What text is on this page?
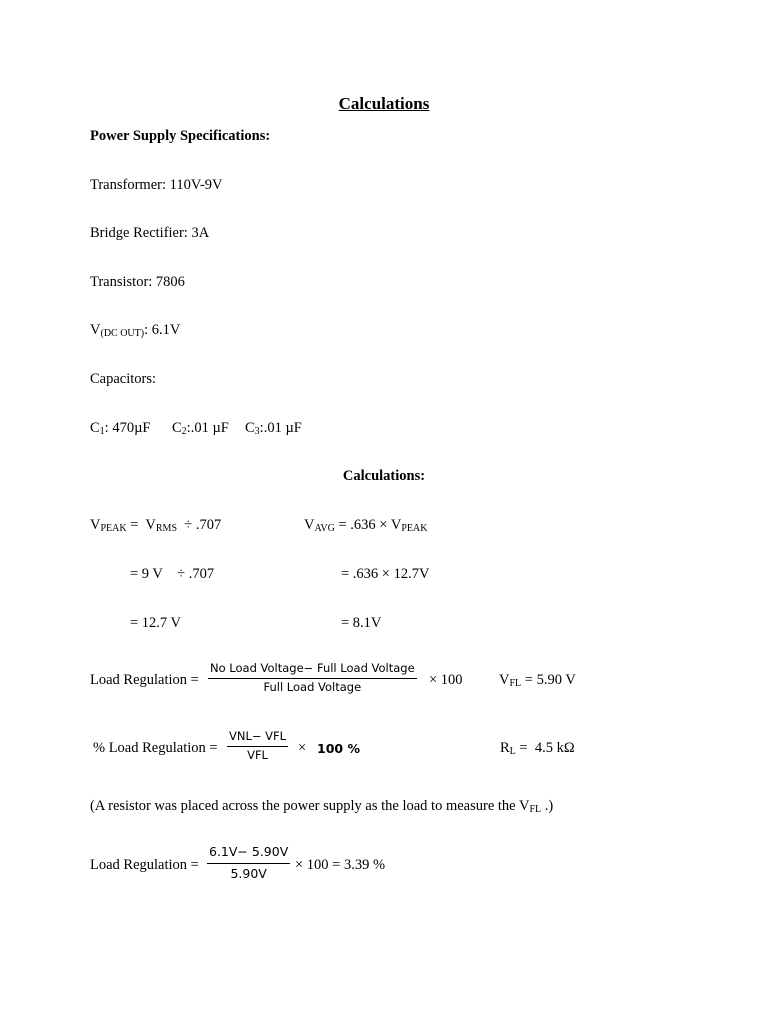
Calculations
Power Supply Specifications:
Transformer: 110V-9V
Bridge Rectifier: 3A
Transistor: 7806
$V_{(DC OUT)}$: 6.1V
Capacitors:
$C_1$: 470µF $C_2:.01$ µF $C_3:.01$ µF
Calculations:
$V_{PEAK} = V_{RMS} \div .707$
= 9 V    ÷ .707
= 12.7 V
$V_{AVG} = .636 \times V_{PEAK}$
= .636 × 12.7V
= 8.1V
Load Regulation =
No Load Voltage− Full Load Voltage
Full Load Voltage	× 100	$V_{FL} = 5.90$ V
% Load Regulation =
VNL− VFL
VFL × 100 %	$R_L = 4.5$ kΩ
(A resistor was placed across the power supply as the load to measure the $V_{FL}$ .)
Load Regulation =
6.1V− 5.90V
5.90V × 100 = 3.39 %
